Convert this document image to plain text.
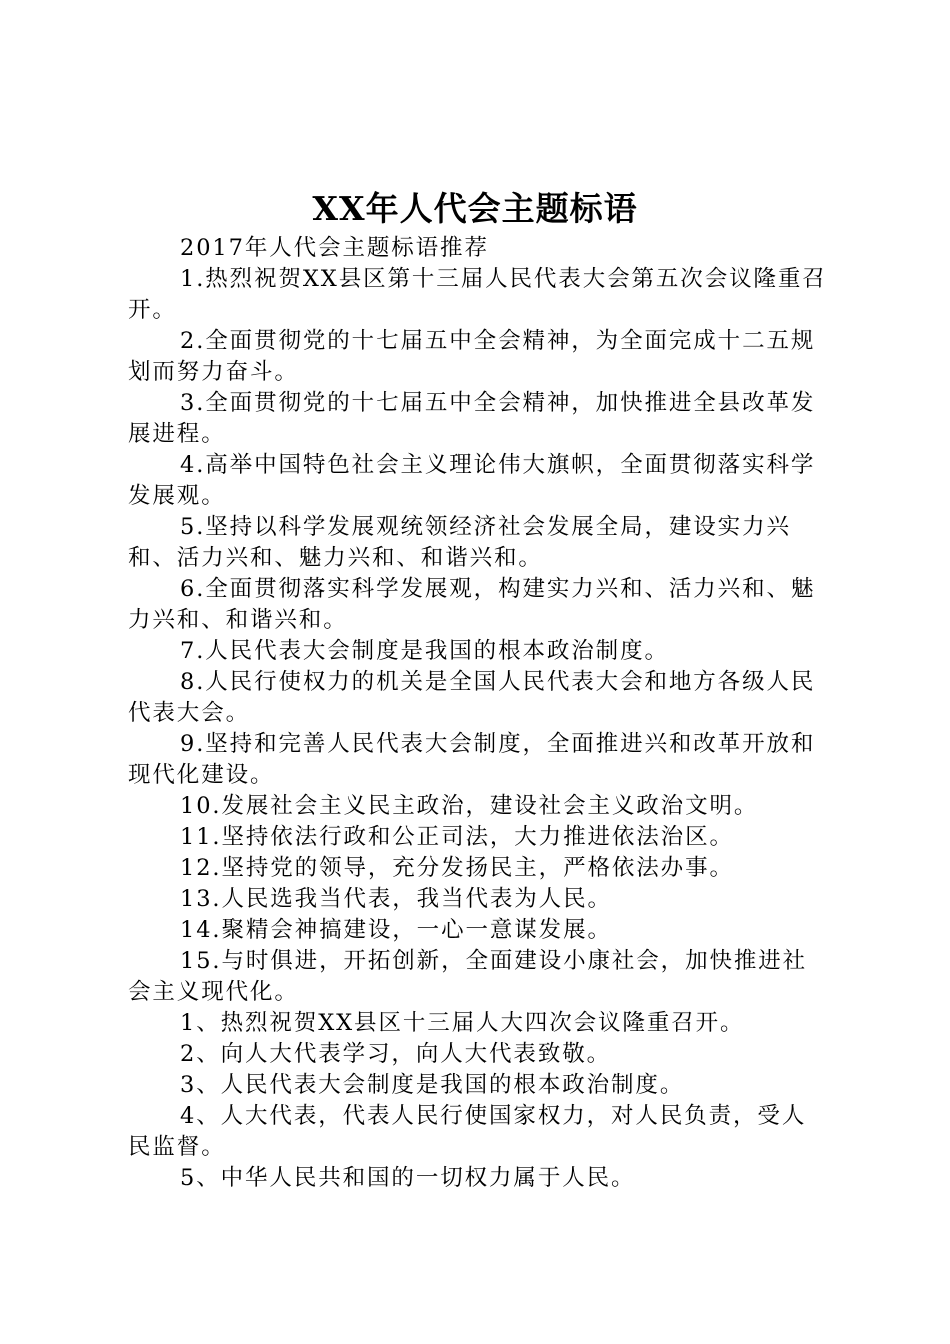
XX年人代会主题标语

2017年人代会主题标语推荐

1.热烈祝贺XX县区第十三届人民代表大会第五次会议隆重召开。

2.全面贯彻党的十七届五中全会精神，为全面完成十二五规划而努力奋斗。

3.全面贯彻党的十七届五中全会精神，加快推进全县改革发展进程。

4.高举中国特色社会主义理论伟大旗帜，全面贯彻落实科学发展观。

5.坚持以科学发展观统领经济社会发展全局，建设实力兴和、活力兴和、魅力兴和、和谐兴和。

6.全面贯彻落实科学发展观，构建实力兴和、活力兴和、魅力兴和、和谐兴和。

7.人民代表大会制度是我国的根本政治制度。

8.人民行使权力的机关是全国人民代表大会和地方各级人民代表大会。

9.坚持和完善人民代表大会制度，全面推进兴和改革开放和现代化建设。

10.发展社会主义民主政治，建设社会主义政治文明。

11.坚持依法行政和公正司法，大力推进依法治区。

12.坚持党的领导，充分发扬民主，严格依法办事。

13.人民选我当代表，我当代表为人民。

14.聚精会神搞建设，一心一意谋发展。

15.与时俱进，开拓创新，全面建设小康社会，加快推进社会主义现代化。

1、热烈祝贺XX县区十三届人大四次会议隆重召开。

2、向人大代表学习，向人大代表致敬。

3、人民代表大会制度是我国的根本政治制度。

4、人大代表，代表人民行使国家权力，对人民负责，受人民监督。

5、中华人民共和国的一切权力属于人民。
